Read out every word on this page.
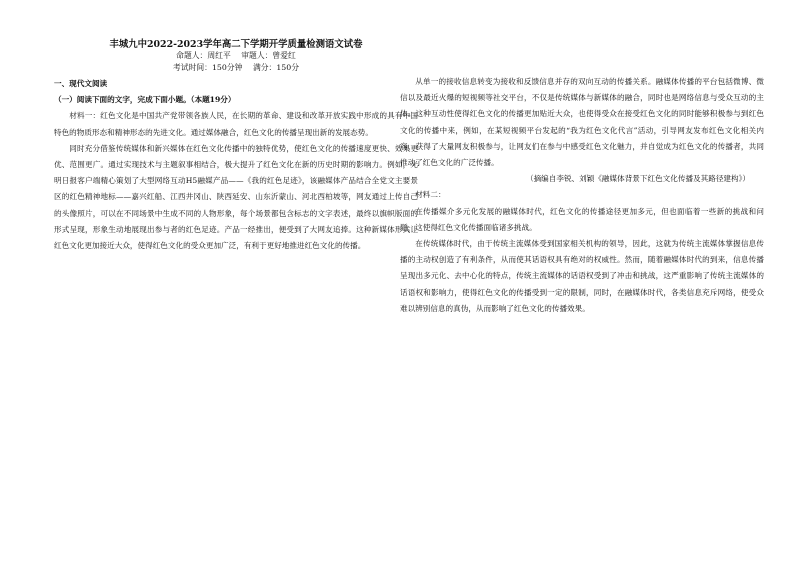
丰城九中2022-2023学年高二下学期开学质量检测语文试卷
命题人：周红平 审题人：曾爱红
考试时间：150分钟 满分：150分

一、现代文阅读

（一）阅读下面的文字，完成下面小题。（本题19分）

材料一：红色文化是中国共产党带领各族人民，在长期的革命、建设和改革开放实践中形成的具有中国特色的物质形态和精神形态的先进文化。通过媒体融合，红色文化的传播呈现出新的发展态势。

同时充分借鉴传统媒体和新兴媒体在红色文化传播中的独特优势，使红色文化的传播速度更快、效果更优、范围更广。通过实现技术与主题叙事相结合，极大提升了红色文化在新的历史时期的影响力。例如，光明日报客户端精心策划了大型网络互动H5融媒产品——《我的红色足迹》，该融媒体产品结合全党文主要景区的红色精神地标——嘉兴红船、江西井冈山、陕西延安、山东沂蒙山、河北西柏坡等，网友通过上传自己的头像照片，可以在不同场景中生成不同的人物形象，每个场景都包含标志的文字表述，最终以旗帜版面的形式呈现，形象生动地展现出参与者的红色足迹。产品一经推出，便受到了大网友追捧。这种新媒体形式让红色文化更加接近大众，使得红色文化的受众更加广泛，有利于更好地推进红色文化的传播。

从单一的接收信息转变为接收和反馈信息并存的双向互动的传播关系。融媒体传播的平台包括微博、微信以及最近火爆的短视频等社交平台，不仅是传统媒体与新媒体的融合，同时也是网络信息与受众互动的主体。这种互动性使得红色文化的传播更加贴近大众，也使得受众在接受红色文化的同时能够积极参与到红色文化的传播中来，例如，在某短视频平台发起的“我为红色文化代言”活动，引导网友发布红色文化相关内容，获得了大量网友积极参与，让网友们在参与中感受红色文化魅力，并自觉成为红色文化的传播者，共同推动了红色文化的广泛传播。

（摘编自李锐、刘颖《融媒体背景下红色文化传播及其路径建构》）

材料二：

在传播媒介多元化发展的融媒体时代，红色文化的传播途径更加多元，但也面临着一些新的挑战和问题，这使得红色文化传播面临诸多挑战。

在传统媒体时代，由于传统主流媒体受到国家相关机构的领导，因此，这就为传统主流媒体掌握信息传播的主动权创造了有利条件，从而使其话语权具有绝对的权威性。然而，随着融媒体时代的到来，信息传播呈现出多元化、去中心化的特点，传统主流媒体的话语权受到了冲击和挑战，这严重影响了传统主流媒体的话语权和影响力，使得红色文化的传播受到一定的限制，同时，在融媒体时代，各类信息充斥网络，使受众难以辨别信息的真伪，从而影响了红色文化的传播效果。
